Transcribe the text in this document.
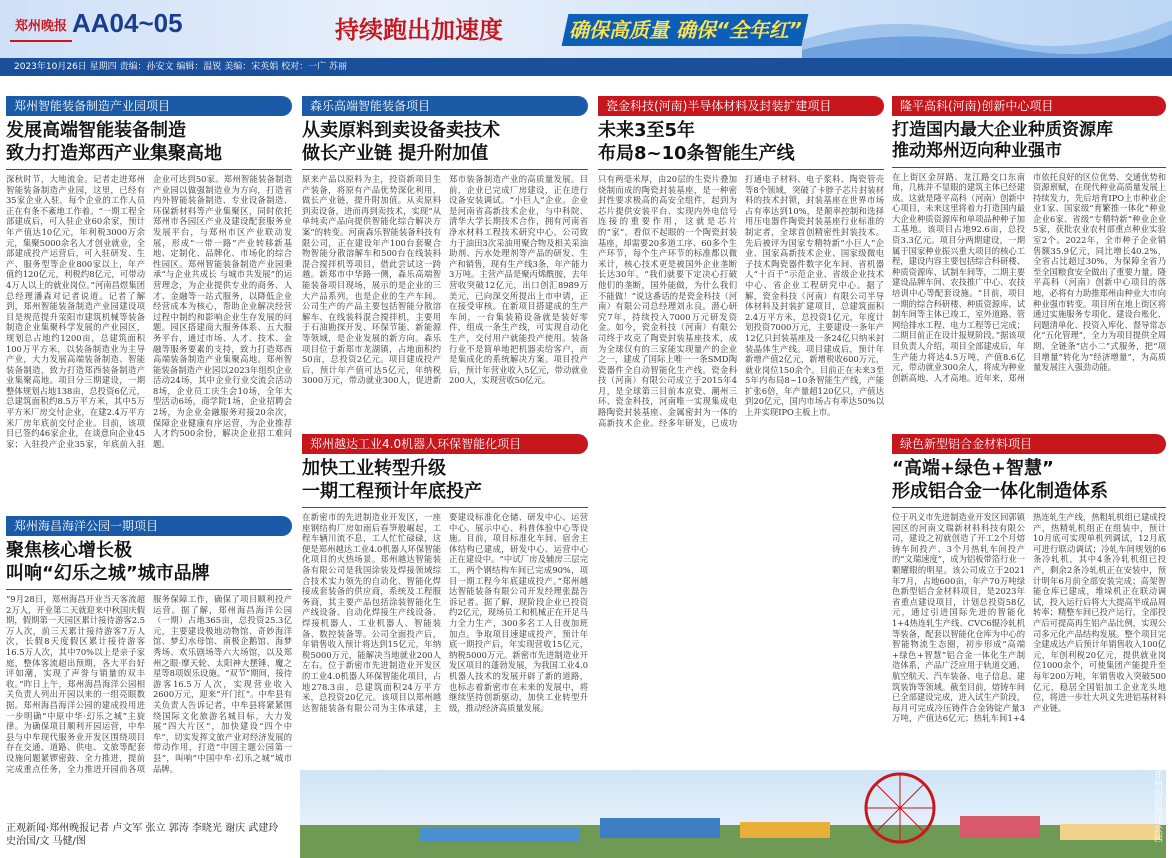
郑州晚报 AA04~05	持续跑出加速度	确保高质量 确保“全年红”
2023年10月26日 星期四 责编：孙安文 编辑：温锐 美编：宋英娟 校对：一广 苏丽
郑州智能装备制造产业园项目
发展高端智能装备制造
致力打造郑西产业集聚高地
深秋时节，大地流金。记者走进郑州智能装备制造产业园，这里，已经有35家企业入驻，每个企业的工作人员正在有条不紊地工作着。“一期工程全部建成后，可入驻企业60余家，预计年产值达10亿元，年利税3000万余元，集聚5000余名人才创业就业，全部建成投产运营后，可入驻研发、生产、服务型等企业800家以上，年产值约120亿元，利税约8亿元，可带动4万人以上的就业岗位。”河南昌煜集团总经理潘森对记者说道。记者了解到，郑州智能装备制造产业园建设项目是规范提升荥阳市建筑机械等装备制造企业集聚科学发展的产业园区，规划总占地约1200亩，总建筑面积100万平方米，以装备制造业为主导产业，大力发展高端装备制造、智能装备制造，致力打造郑西装备制造产业集聚高地。项目分三期建设，一期整体规划占地138亩，总投资6亿元，总建筑面积约8.5万平方米，其中5万平方米厂房交付企业，在建2.4万平方米厂房年底前交付企业。目前，该项目已签约46家企业，在谈意向企业45家；入驻投产企业35家，年底前入驻企业可达到50家。郑州智能装备制造产业园以做强制造业为方向，打造省内外智能装备制造、专业设备制造、环保新材料等产业集聚区，同时依托郑州市各园区产业及建设配套服务业发展平台，与郑州市区产业联动发展，形成“一带一路”产业转移新基地、定制化、品牌化、市场化的综合性园区。郑州智能装备制造产业园秉承“与企业共成长 与城市共发展”的运营理念，为企业提供专业的商务、人才、金融等一站式服务，以降低企业经营成本为核心，帮助企业解决经营过程中制约和影响企业生存发展的问题。园区搭建商大服务体系、五大服务平台，通过市场、人才、技术、金融等服务要素的支持，致力打造郑西高端装备制造产业集聚高地。郑州智能装备制造产业园以2023年组织企业活动24场，其中企业行业交流会活动8场，企业员工庆生会10场，全年大型活动6场，商学院1场，企业招聘会2场，为企业金融服务对接20余次，保障企业健康有序运营，为企业推荐人才约500余份，解决企业招工难问题。
郑州海昌海洋公园一期项目
聚焦核心增长极
叫响“幻乐之城”城市品牌
“9月28日，郑州海昌开业当天客流超2万人，开业第二天就迎来中秋国庆假期，假期第一天园区累计接待游客2.5万人次，前三天累计接待游客7万人次，长假8天度假区累计接待游客16.5万人次，其中70%以上是亲子家庭，整体客流超出预期，各大平台好评如潮，实现了声誉与销量的双丰收。”昨日上午，郑州海昌海洋公园相关负责人列出开园以来的一组亮眼数据。郑州海昌海洋公园的建成投用进一步明确“中原中华·幻乐之城”主旋律。为确保项目顺利开园运营，中牟县与中牟现代服务业开发区围绕项目存在交通、道路、供电、文旅等配套设施问题紧锣密鼓、全力推进，提前完成重点任务，全力推进开园前各项服务保障工作，确保了项目顺利投产运营。据了解，郑州海昌海洋公园（一期）占地365亩，总投资25.3亿元，主要建设极地动物馆、奇妙海洋馆、梦幻水母馆、南极企鹅馆、海梦秀场、欢乐剧场等六大场馆，以及郑州之眼·摩天轮、太阳神大摆锤、魔之星等8项娱乐设施。“双节”期间，接待游客16.5万人次，实现营业收入2600万元，迎来“开门红”。中牟县有关负责人告诉记者，中牟县将紧紧围绕国际文化旅游名城目标，大力发展“四大片区”，加快建设“四个中牟”，切实发挥文旅产业对经济发展的带动作用，打造“中国主题公园第一县”，叫响“中国中牟·幻乐之城”城市品牌。
森乐高端智能装备项目
从卖原料到卖设备卖技术
做长产业链 提升附加值
原来产品以原料为主，投资新项目生产装备，将原有产品优势深化利用，做长产业链，提升附加值。从卖原料到卖设备，进而再到卖技术，实现“从单纯卖产品向提供智能化综合解决方案”的转变。河南森乐智能装备科技有限公司，正在建设年产100台套聚合物智能分散溶解车和500台在线装料混合搅拌机等项目，借此尝试这一跨越。新郑市中华路一侧，森乐高端智能装备项目现场，展示的是企业的三大产品系列，也是企业的生产车间。公司生产的产品主要包括智能分散溶解车、在线装料混合搅拌机，主要用于石油勘探开发、环保节能、新能源等领域，是企业发展的新方向。森乐项目位于新郑市龙湖镇，占地面积约50亩，总投资2亿元。项目建成投产后，预计年产值可达5亿元，年纳税3000万元，带动就业300人，促进新郑市装备制造产业的高质量发展。目前，企业已完成厂房建设，正在进行设备安装调试。“小巨人”企业。企业是河南省高新技术企业，与中科院、清华大学长期技术合作，拥有河南省净水材料工程技术研究中心。公司致力于油田3次采油用聚合物及相关采油助剂、污水处理剂等产品的研发、生产和销售，现有生产线3条，年产能力3万吨。主营产品是聚丙烯酰胺，去年营收突破12亿元，出口创汇8989万美元，已向深交所提出上市申请，正在接受审核。在新项目搭建成的生产车间，一台集装箱设备就是装好零件，组成一条生产线，可实现自动化生产，交付用户就能投产使用。装备行业不是简单地把机器卖给客户，而是集成化的系统解决方案。项目投产后，预计年营业收入5亿元，带动就业200人，实现营收50亿元。
郑州越达工业4.0机器人环保智能化项目
加快工业转型升级
一期工程预计年底投产
在新密市的先进制造业开发区，一座座钢结构厂房如雨后春笋般崛起，工程车辆川流不息，工人忙忙碌碌，这便是郑州越达工业4.0机器人环保智能化项目的火热场景。郑州越达智能装备有限公司是我国涂装及焊接领域综合技术实力领先的自动化、智能化焊接成套装备的供应商，系统及工程服务商，其主要产品包括涂装智能化生产线设备、自动化焊接生产线设备、焊接机器人、工业机器人、智能装备、数控装备等。公司全面投产后，年销售收入预计将达到15亿元，年纳税5000万元，能解决当地就业200人左右。位于新密市先进制造业开发区的工业4.0机器人环保智能化项目，占地278.3亩，总建筑面积24万平方米，总投资20亿元。该项目以郑州越达智能装备有限公司为主体承建，主要建设标准化仓储、研发中心、运营中心、展示中心、科普体验中心等设施。目前，项目标准化车间、宿舍主体结构已建成，研发中心、运营中心正在建设中。“中试厂房及辅房三层完工，两个钢结构车间已完成90%，项目一期工程今年底建成投产。”郑州越达智能装备有限公司开发经理张磊告诉记者。据了解，现阶段企业已投资约2亿元，现场员工和机械正在开足马力全力生产，300多名工人日夜加班加点。争取项目速建成投产，预计年底一期投产后，年实现营收15亿元，纳税5000万元。新密市先进制造业开发区项目的蓬勃发展，为我国工业4.0机器人技术的发展开辟了新的道路，也标志着新密市在未来的发展中，将继续坚持创新驱动，加快工业转型升级，推动经济高质量发展。
瓷金科技(河南)半导体材料及封装扩建项目
未来3至5年
布局8~10条智能生产线
只有两毫米厚，由20层的生瓷片叠加烧制而成的陶瓷封装基座，是一种密封性要求极高的高安全组件，起到为芯片提供安装平台、实现内外电信号连接的重要作用，这就是芯片的“家”。看似不起眼的一个陶瓷封装基座，却需要20多道工序、60多个生产环节，每个生产环节的标准都以微米计，核心技术更是被国外企业垄断长达30年。“我们就要下定决心打破他们的垄断，国外能做，为什么我们不能做！”说这番话的是瓷金科技（河南）有限公司总经理刘永良。潜心研究7年，持续投入7000万元研发资金。如今，瓷金科技（河南）有限公司终于攻克了陶瓷封装基座技术，成为全球仅有的三家能实现量产的企业之一，建成了国际上唯一一条SMD陶瓷器件全自动智能化生产线。瓷金科技（河南）有限公司成立于2015年4月，是全球第三目前本京瓷、潮州三环、瓷金科技，河南唯一实现集成电路陶瓷封装基座、金属密封为一体的高新技术企业。经多年研发，已成功打通电子材料、电子浆料、陶瓷管壳等8个领域，突破了卡脖子芯片封装材料的技术封锁，封装基座在世界市场占有率达到10%，是颠率控制和选择用压电器件陶瓷封装基座行业标准的制定者，全球首创精密性封装技术。先后被评为国家专精特新“小巨人”企业、国家高新技术企业、国家级微电子技术陶瓷器件数字化车间、省机器人“十百千”示范企业、省级企业技术中心、省企业工程研究中心。据了解，瓷金科技（河南）有限公司半导体材料及封装扩建项目，总建筑面积2.4万平方米，总投资1亿元，年度计划投资7000万元，主要建设一条年产12亿只封装基座及一条24亿只纳米封装晶体生产线。项目建成后，预计年新增产值2亿元，新增税收600万元，就业岗位150余个。目前正在未来3至5年内布局8~10条智能生产线，产能扩张6倍，年产量超120亿只，产值达到20亿元，国内市场占有率达50%以上并实现IPO主板上市。
隆平高科(河南)创新中心项目
打造国内最大企业种质资源库
推动郑州迈向种业强市
在上街区金屏路、龙江路交口东南角，几栋并不显眼的建筑主体已经建成。这就是隆平高科（河南）创新中心项目，未来这里将着力打造国内最大企业种质资源库和单项品种种子加工基地。该项目占地92.6亩，总投资3.3亿元。项目分两期建设，一期属于国家种业振兴重大项目的核心工程，建设内容主要包括综合科研楼、种质资源库、试制车间等，二期主要建设品牌车间、农技推广中心、农技培训中心等配套设施。“目前，项目一期的综合科研楼、种质资源库、试制车间等主体已竣工，室外道路、管网给排水工程、电力工程等已完成；二期目前正在设计报规阶段。”据该项目负责人介绍，项目全部建成后，年生产能力将达4.5万吨，产值8.6亿元，带动就业300余人，将成为种业创新高地、人才高地。近年来，郑州市依托良好的区位优势、交通优势和资源禀赋，在现代种业高质量发展上持续发力，先后培育IPO上市种业企业1家、国家级“育繁推一体化”种业企业6家、省级“专精特新”种业企业5家，获批农业农村部重点种业实验室2个。2022年，全市种子企业销售额35.9亿元，同比增长40.2%，全省占比超过30%，为保障全省乃至全国粮食安全做出了重要力量。隆平高科（河南）创新中心项目的落地，必将有力助推郑州由种业大市向种业强市转变。项目所在地上街区将通过实施服务专项化、建设台账化、问题清单化、投资入库化、督导常态化“五化管理”，全力为项目提供全周期、全链条“店小二”式服务，把“项目增量”转化为“经济增量”，为高质量发展注入强劲动能。
绿色新型铝合金材料项目
“高端+绿色+智慧”
形成铝合金一体化制造体系
位于巩义市先进制造业开发区回郭镇园区的河南文瑞新材料科技有限公司，建设之初就创造了开工2个月熔铸车间投产、3个月热轧车间投产的“文瑞速度”，成为铝板带箔行业一颗耀眼的明星。该公司成立于2021年7月，占地600亩，年产70万吨绿色新型铝合金材料项目，是2023年省重点建设项目，计划总投资58亿元，通过引进国际先进的智能化1+4热连轧生产线、CVC6辊冷轧机等装备，配套以智能化仓库为中心的智能物流生态圈，初步形成“高端+绿色+智慧”铝合金一体化生产制造体系，产品广泛应用于轨道交通、航空航天、汽车装备、电子信息、建筑装饰等领域。截至目前，熔铸车间已全部建设完成，进入试生产阶段，每月可完成冷压铸件合金铸锭产量3万吨，产值达6亿元；热轧车间1+4热连轧生产线，热粗轧机组已建成投产，热精轧机组正在组装中，预计10月底可实现单机列调试，12月底可进行联动调试；冷轧车间规划的6条冷轧机，其中4条冷轧机组已投产，剩余2条冷轧机正在安装中，预计明年6月前全部安装完成；高架智能仓库已建成，堆垛机正在联动调试，投入运行后将大大提高半成品周转率；精整车间已投产运行，全部投产后可提高再生铝产品比例，实现公司多元化产品结构发展。整个项目完全建成达产后预计年销售收入100亿元，年创利税20亿元，提供就业岗位1000余个，可使集团产能提升至每年200万吨，年销售收入突破500亿元，稳居全国铝加工企业龙头地位，将进一步壮大巩义先进铝基材料产业链。
郑州海昌海洋公园
正观新闻·郑州晚报记者 卢文军 张立 郭涛 李晓光 谢庆 武建玲
史治国/文 马健/图
